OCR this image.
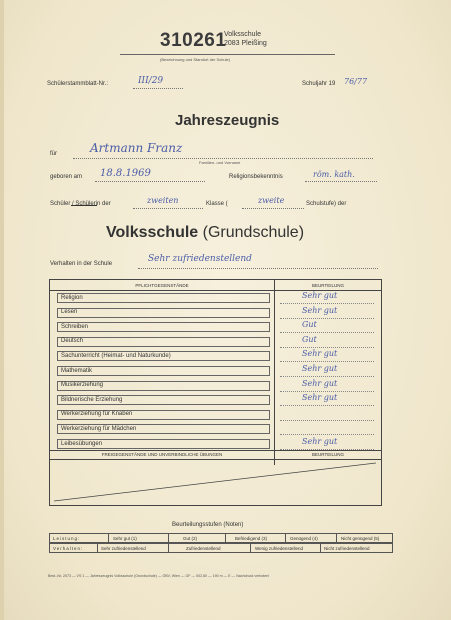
310261
Volksschule
2083 Pleißing
(Bezeichnung und Standort der Schule)
Schülerstammblatt-Nr.:	III/29	Schuljahr 19 76/77
Jahreszeugnis
für	Artmann Franz
Familien- und Vorname
geboren am 18.8.1969	Religionsbekenntnis	röm. kath.
Schüler / Schülerin der	zweiten	Klasse (	zweite	Schulstufe) der
Volksschule (Grundschule)
Verhalten in der Schule	Sehr zufriedenstellend
PFLICHTGEGENSTÄNDE	BEURTEILUNG
Religion	Sehr gut
Lesen	Sehr gut
Schreiben	Gut
Deutsch	Gut
Sachunterricht (Heimat- und Naturkunde)	Sehr gut
Mathematik	Sehr gut
Musikerziehung	Sehr gut
Bildnerische Erziehung	Sehr gut
Werkerziehung für Knaben
Werkerziehung für Mädchen
Leibesübungen	Sehr gut
FREIGEGENSTÄNDE UND UNVERBINDLICHE ÜBUNGEN	BEURTEILUNG
Beurteilungsstufen (Noten)
Leistung:	Sehr gut (1)	Gut (2)	Befriedigend (3)	Genügend (4)	Nicht genügend (5)
Verhalten:	Sehr zufriedenstellend	Zufriedenstellend	Wenig zufriedenstellend	Nicht zufriedenstellend
Best.-Nr. 2073 — VS 1 — Jahreszeugnis Volksschule (Grundschule) — ÖBV, Wien — GF — 002.80 — 190 m — E — Nachdruck verboten!
